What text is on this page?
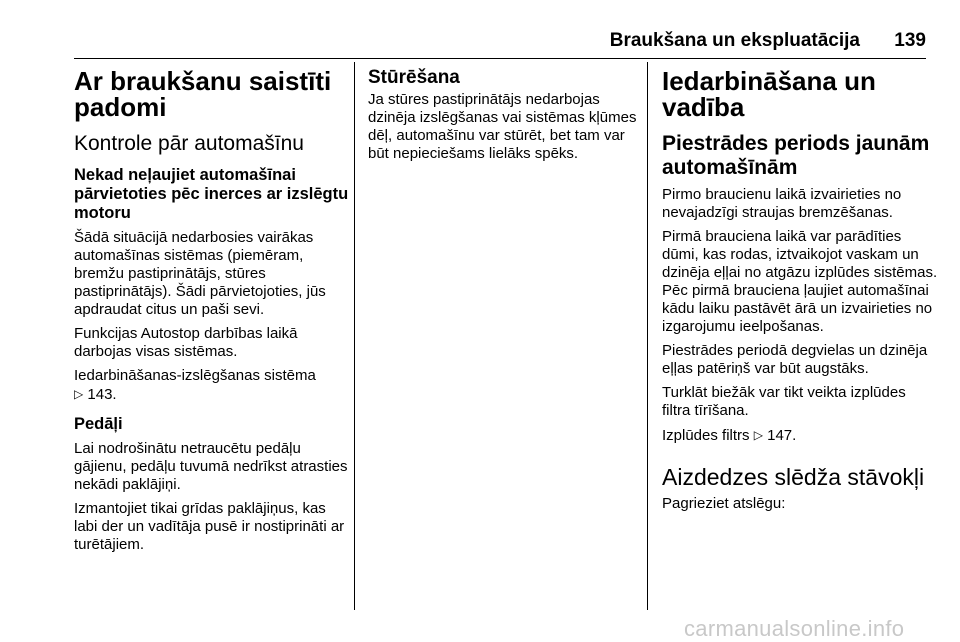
Braukšana un ekspluatācija	139
Ar braukšanu saistīti padomi
Kontrole pār automašīnu
Nekad neļaujiet automašīnai pārvietoties pēc inerces ar izslēgtu motoru

Šādā situācijā nedarbosies vairākas automašīnas sistēmas (piemēram, bremžu pastiprinātājs, stūres pastiprinātājs). Šādi pārvietojoties, jūs apdraudat citus un paši sevi.

Funkcijas Autostop darbības laikā darbojas visas sistēmas.

Iedarbināšanas-izslēgšanas sistēma
▷ 143.

Pedāļi

Lai nodrošinātu netraucētu pedāļu gājienu, pedāļu tuvumā nedrīkst atrasties nekādi paklājiņi.

Izmantojiet tikai grīdas paklājiņus, kas labi der un vadītāja pusē ir nostiprināti ar turētājiem.

Stūrēšana

Ja stūres pastiprinātājs nedarbojas dzinēja izslēgšanas vai sistēmas kļūmes dēļ, automašīnu var stūrēt, bet tam var būt nepieciešams lielāks spēks.

Iedarbināšana un vadība
Piestrādes periods jaunām automašīnām

Pirmo braucienu laikā izvairieties no nevajadzīgi straujas bremzēšanas.

Pirmā brauciena laikā var parādīties dūmi, kas rodas, iztvaikojot vaskam un dzinēja eļļai no atgāzu izplūdes sistēmas. Pēc pirmā brauciena ļaujiet automašīnai kādu laiku pastāvēt ārā un izvairieties no izgarojumu ieelpošanas.

Piestrādes periodā degvielas un dzinēja eļļas patēriņš var būt augstāks.

Turklāt biežāk var tikt veikta izplūdes filtra tīrīšana.

Izplūdes filtrs ▷ 147.

Aizdedzes slēdža stāvokļi

Pagrieziet atslēgu:

carmanualsonline.info
